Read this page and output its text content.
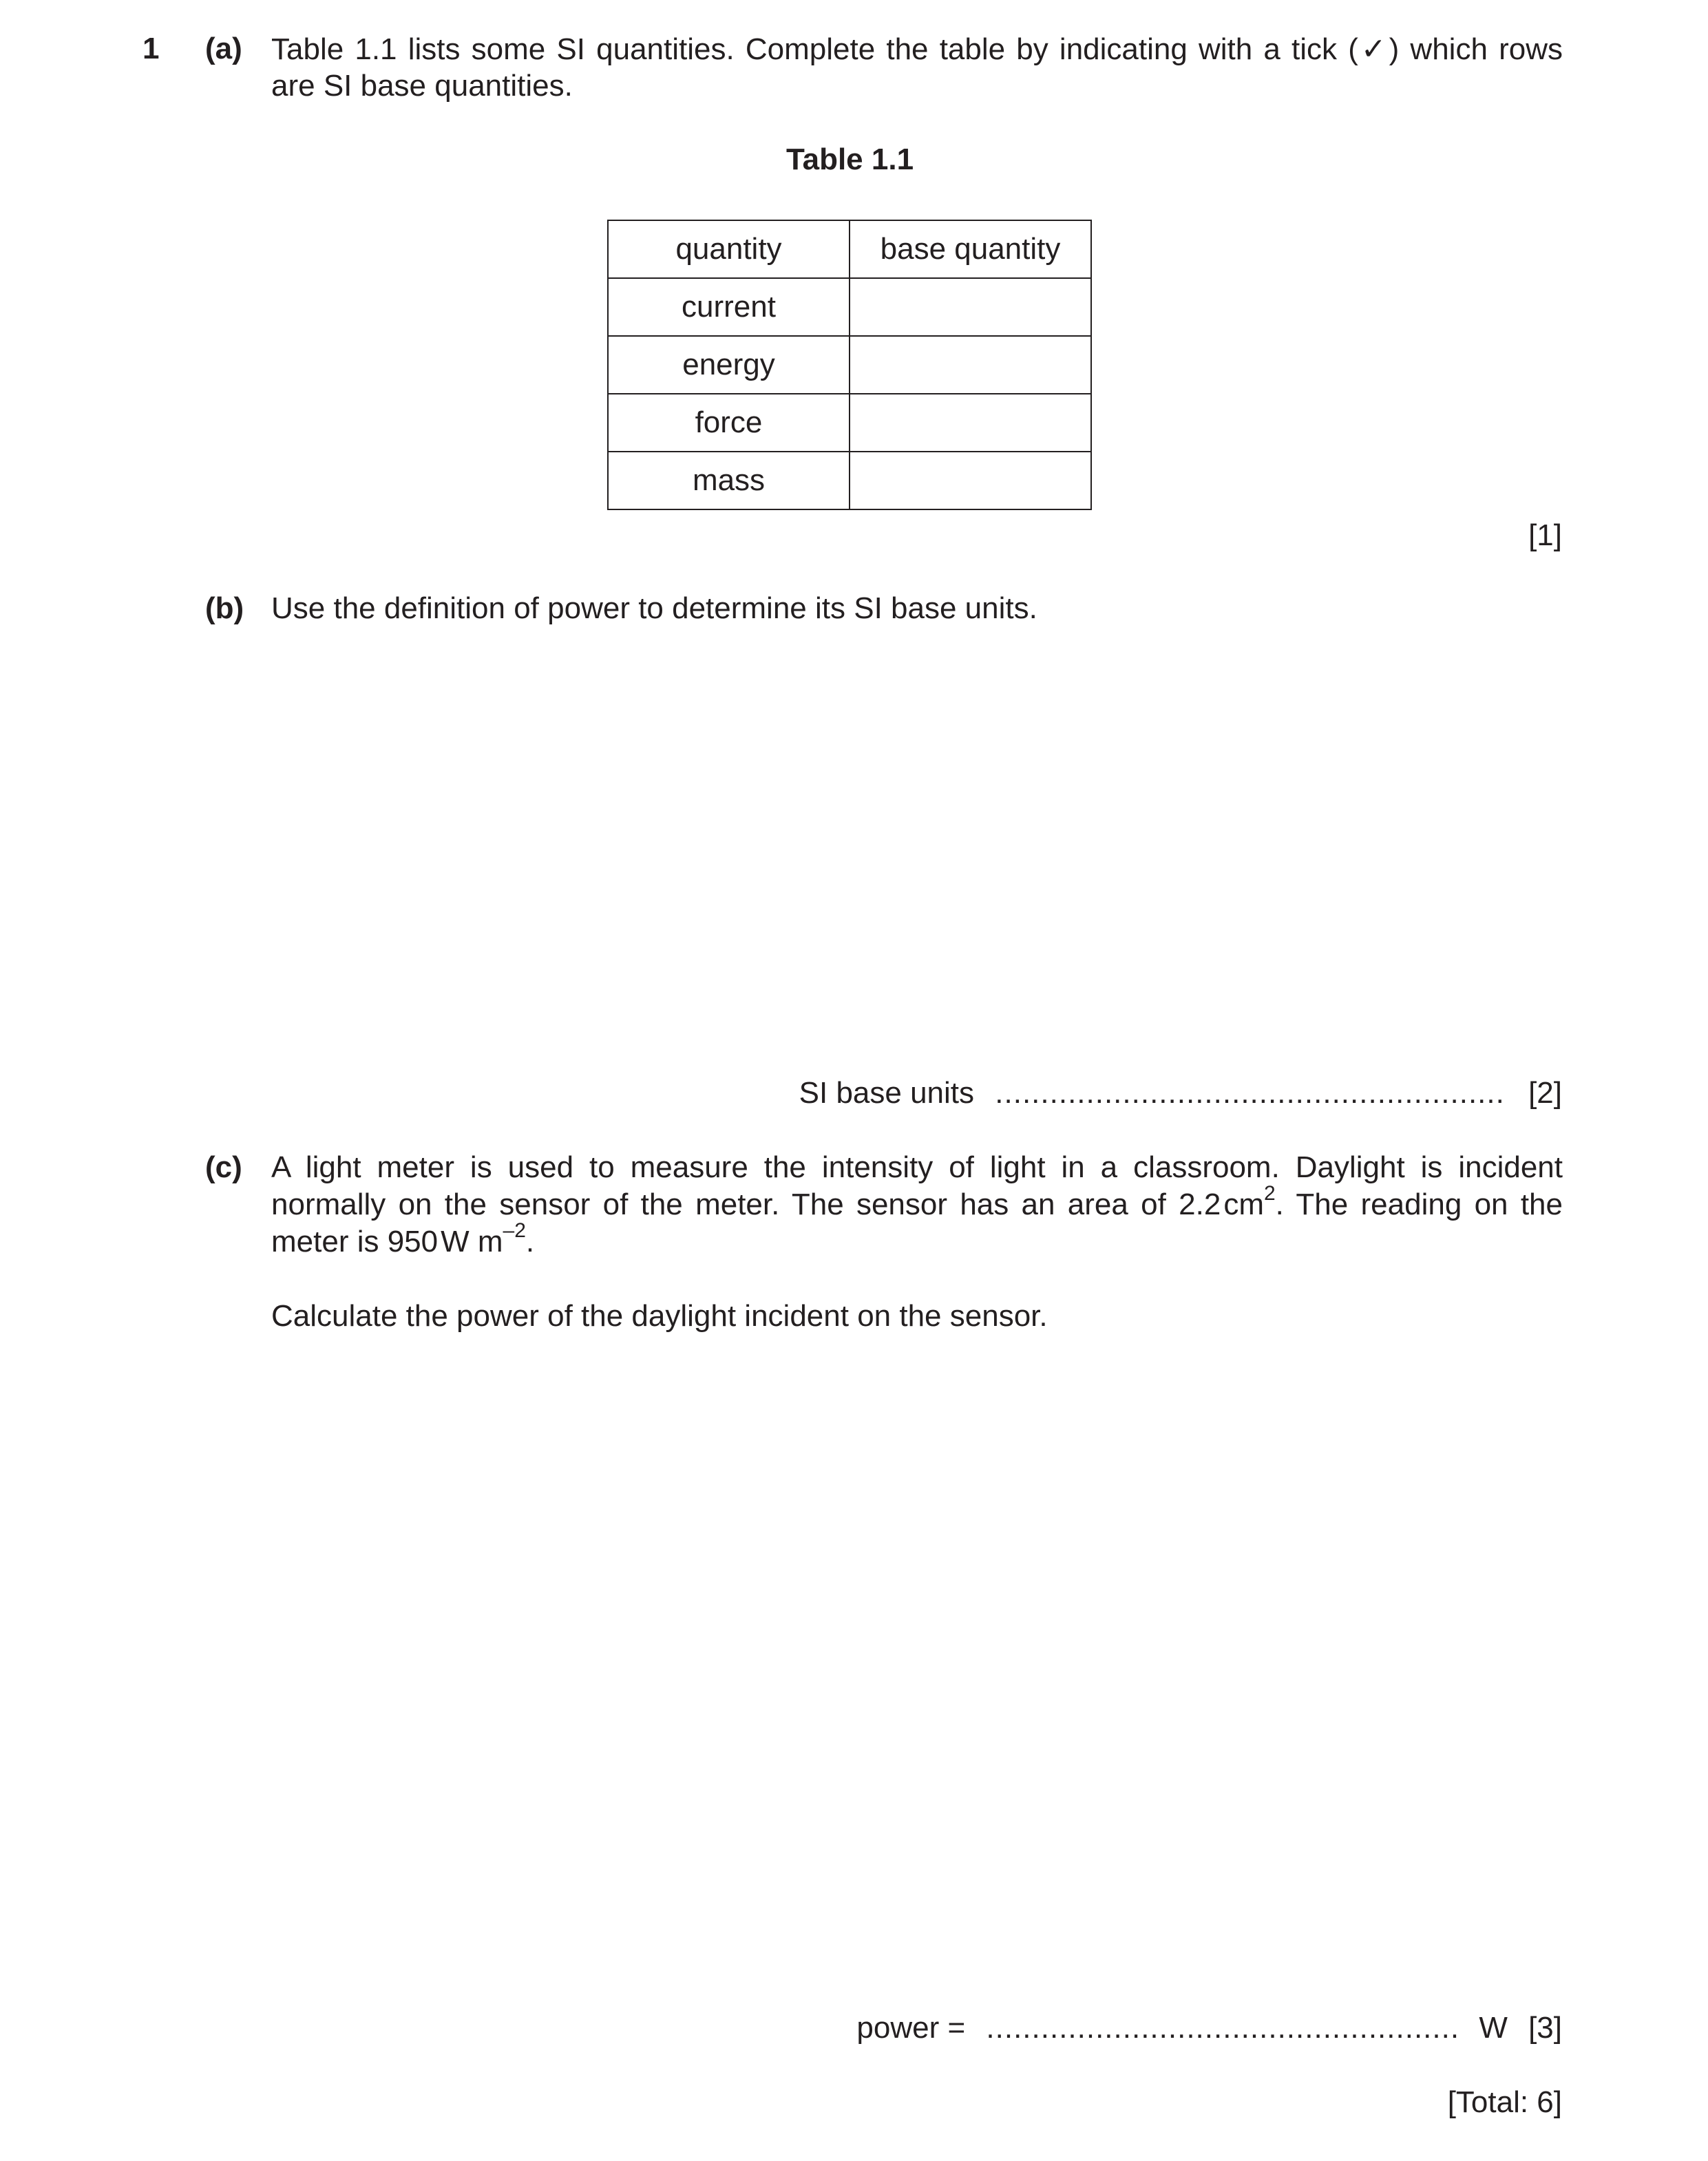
1 (a) Table 1.1 lists some SI quantities. Complete the table by indicating with a tick (✓) which rows
are SI base quantities.
Table 1.1
quantity	base quantity
current	
energy	
force	
mass	
[1]
(b) Use the definition of power to determine its SI base units.
SI base units ........................................................ [2]
(c) A light meter is used to measure the intensity of light in a classroom. Daylight is incident
normally on the sensor of the meter. The sensor has an area of $2.2cm^2$. The reading on the
meter is 950W $m^{-2}$.
Calculate the power of the daylight incident on the sensor.
power = .................................................... W [3]
[Total: 6]
